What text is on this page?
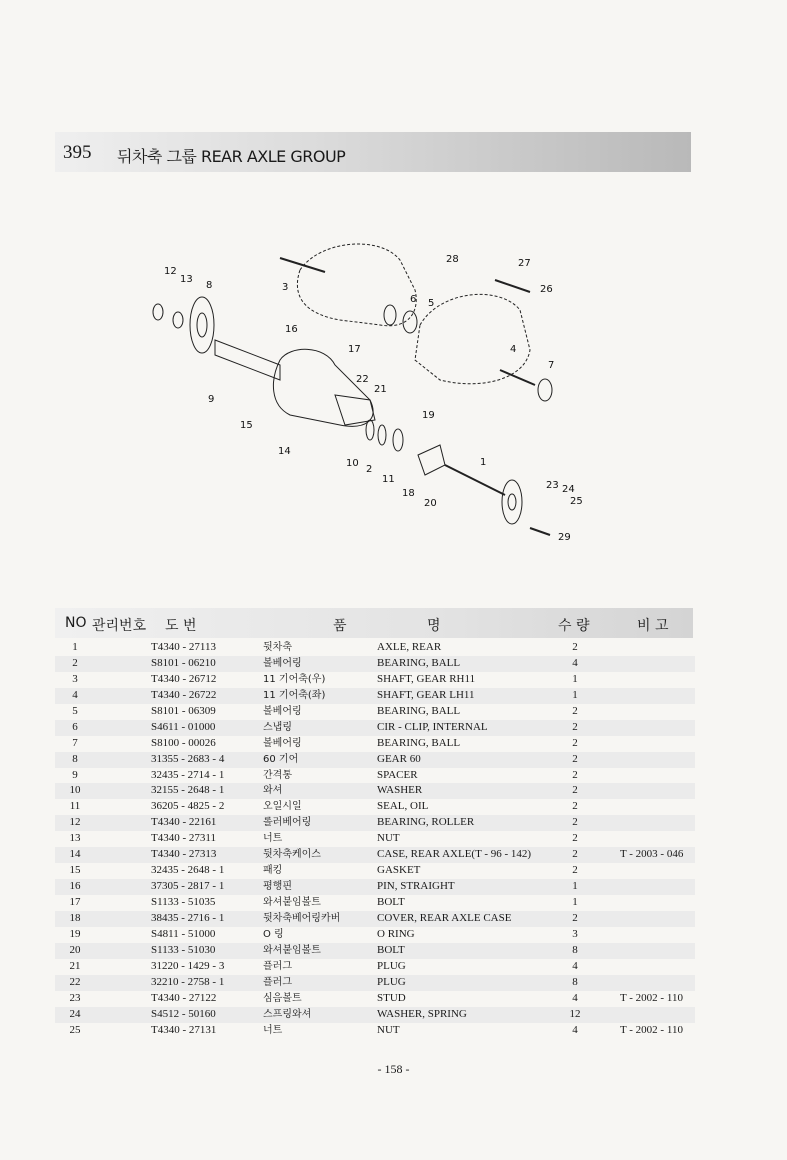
395 뒤차축 그룹 REAR AXLE GROUP
12
13
8	3
16
17
9
15
14
22
21
19
10
2
11
18
20
1
6 5
4
7
28	27
26
23 24
25
29
NO 관리번호 도 번	품	명	수 량	비 고
1	T4340 - 27113	뒷차축	AXLE, REAR	2
2	S8101 - 06210	볼베어링	BEARING, BALL	4
3	T4340 - 26712	11 기어축(우)	SHAFT, GEAR RH11	1
4	T4340 - 26722	11 기어축(좌)	SHAFT, GEAR LH11	1
5	S8101 - 06309	볼베어링	BEARING, BALL	2
6	S4611 - 01000	스냅링	CIR - CLIP, INTERNAL	2
7	S8100 - 00026	볼베어링	BEARING, BALL	2
8	31355 - 2683 - 4	60 기어	GEAR 60	2
9	32435 - 2714 - 1	간격통	SPACER	2
10	32155 - 2648 - 1	와셔	WASHER	2
11	36205 - 4825 - 2	오일시일	SEAL, OIL	2
12	T4340 - 22161	롤러베어링	BEARING, ROLLER	2
13	T4340 - 27311	너트	NUT	2
14	T4340 - 27313	뒷차축케이스	CASE, REAR AXLE(T - 96 - 142)	2	T - 2003 - 046
15	32435 - 2648 - 1	패킹	GASKET	2
16	37305 - 2817 - 1	평행핀	PIN, STRAIGHT	1
17	S1133 - 51035	와셔붙임볼트	BOLT	1
18	38435 - 2716 - 1	뒷차축베어링카버	COVER, REAR AXLE CASE	2
19	S4811 - 51000	O 링	O RING	3
20	S1133 - 51030	와셔붙임볼트	BOLT	8
21	31220 - 1429 - 3	플러그	PLUG	4
22	32210 - 2758 - 1	플러그	PLUG	8
23	T4340 - 27122	심음볼트	STUD	4	T - 2002 - 110
24	S4512 - 50160	스프링와셔	WASHER, SPRING	12
25	T4340 - 27131	너트	NUT	4	T - 2002 - 110
- 158 -
